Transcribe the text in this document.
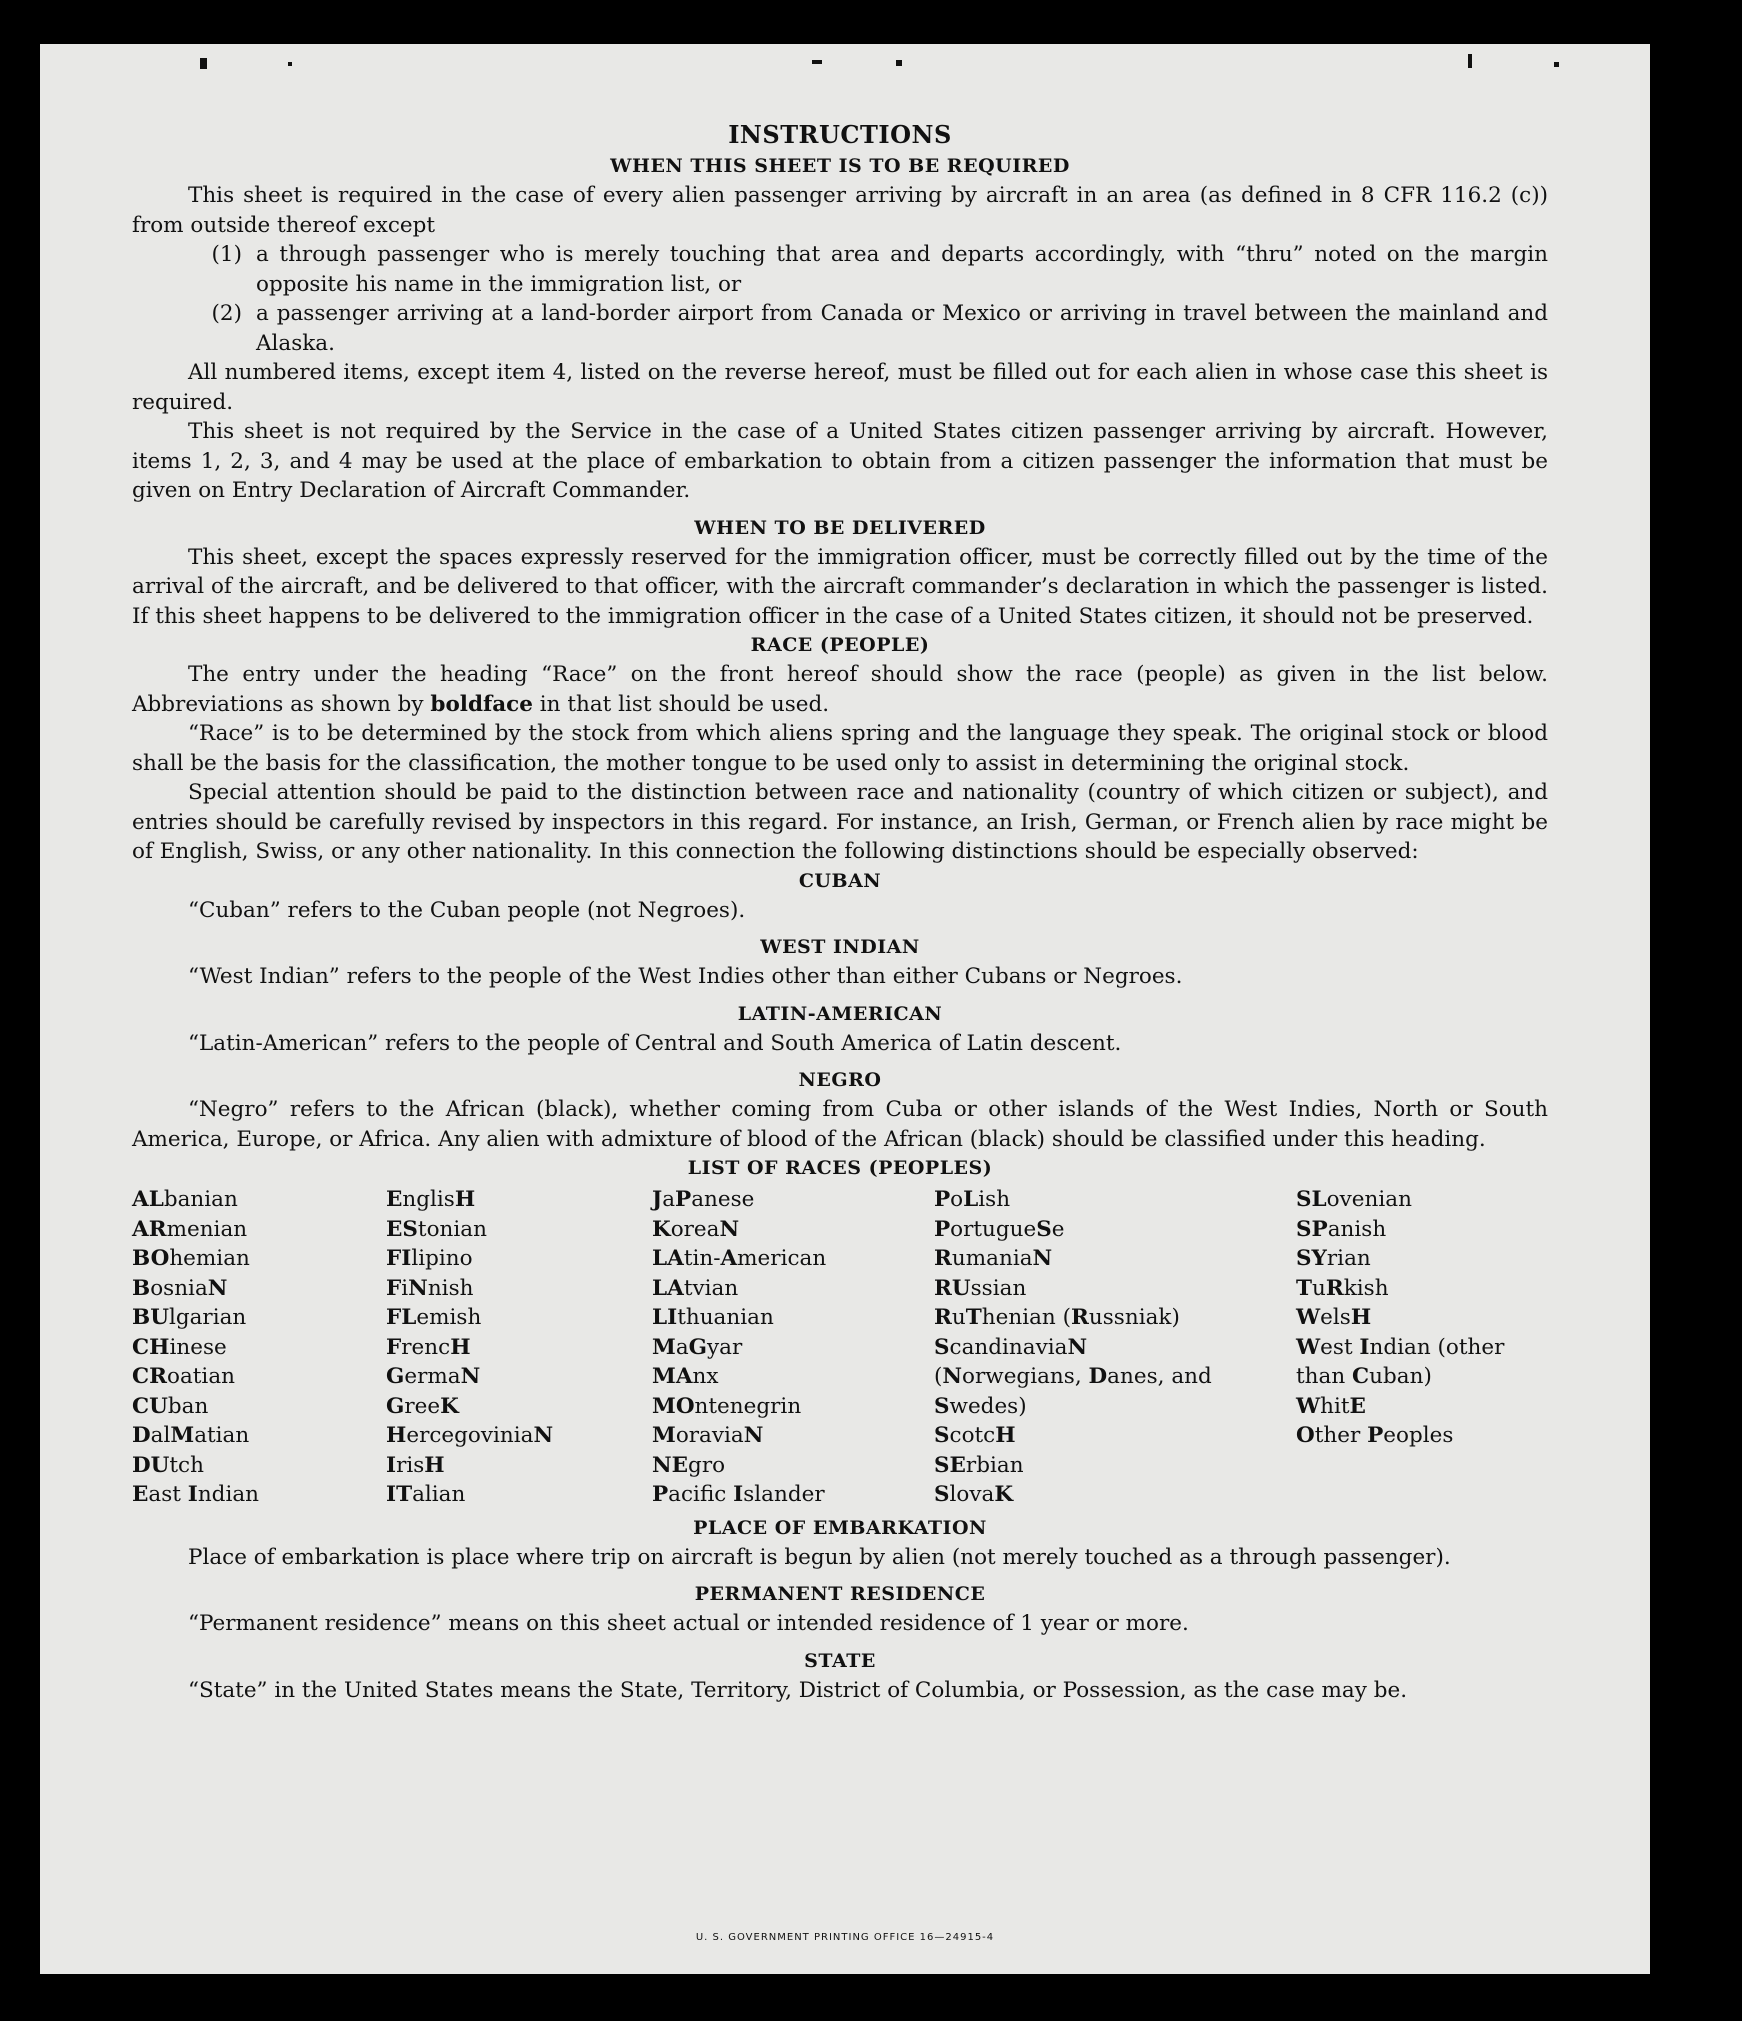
INSTRUCTIONS
WHEN THIS SHEET IS TO BE REQUIRED

This sheet is required in the case of every alien passenger arriving by aircraft in an area (as defined in 8 CFR 116.2 (c)) from outside thereof except

(1) a through passenger who is merely touching that area and departs accordingly, with “thru” noted on the margin opposite his name in the immigration list, or
(2) a passenger arriving at a land-border airport from Canada or Mexico or arriving in travel between the mainland and Alaska.

All numbered items, except item 4, listed on the reverse hereof, must be filled out for each alien in whose case this sheet is required.

This sheet is not required by the Service in the case of a United States citizen passenger arriving by aircraft. However, items 1, 2, 3, and 4 may be used at the place of embarkation to obtain from a citizen passenger the information that must be given on Entry Declaration of Aircraft Commander.

WHEN TO BE DELIVERED

This sheet, except the spaces expressly reserved for the immigration officer, must be correctly filled out by the time of the arrival of the aircraft, and be delivered to that officer, with the aircraft commander’s declaration in which the passenger is listed. If this sheet happens to be delivered to the immigration officer in the case of a United States citizen, it should not be preserved.

RACE (PEOPLE)

The entry under the heading “Race” on the front hereof should show the race (people) as given in the list below. Abbreviations as shown by boldface in that list should be used.

“Race” is to be determined by the stock from which aliens spring and the language they speak. The original stock or blood shall be the basis for the classification, the mother tongue to be used only to assist in determining the original stock.

Special attention should be paid to the distinction between race and nationality (country of which citizen or subject), and entries should be carefully revised by inspectors in this regard. For instance, an Irish, German, or French alien by race might be of English, Swiss, or any other nationality. In this connection the following distinctions should be especially observed:

CUBAN

“Cuban” refers to the Cuban people (not Negroes).

WEST INDIAN

“West Indian” refers to the people of the West Indies other than either Cubans or Negroes.

LATIN-AMERICAN

“Latin-American” refers to the people of Central and South America of Latin descent.

NEGRO

“Negro” refers to the African (black), whether coming from Cuba or other islands of the West Indies, North or South America, Europe, or Africa. Any alien with admixture of blood of the African (black) should be classified under this heading.

LIST OF RACES (PEOPLES)
ALbanian
ARmenian
BOhemian
BosniaN
BUlgarian
CHinese
CRoatian
CUban
DalMatian
DUtch
East Indian
EnglisH
EStonian
FIlipino
FiNnish
FLemish
FrencH
GermaN
GreeK
HercegoviniaN
IrisH
ITalian
JaPanese
KoreaN
LAtin-American
LAtvian
LIthuanian
MaGyar
MAnx
MOntenegrin
MoraviaN
NEgro
Pacifc Islander
PoLish
PortugueSe
RumaniaN
RUssian
RuThenian (Russniak)
ScandinaviaN (Norwegians, Danes, and Swedes)
ScotcH
SErbian
SlovaK
SLovenian
SPanish
SYrian
TuRkish
WelsH
West Indian (other than Cuban)
WhitE
Other Peoples
PLACE OF EMBARKATION

Place of embarkation is place where trip on aircraft is begun by alien (not merely touched as a through passenger).

PERMANENT RESIDENCE

“Permanent residence” means on this sheet actual or intended residence of 1 year or more.

STATE

“State” in the United States means the State, Territory, District of Columbia, or Possession, as the case may be.

U. S. GOVERNMENT PRINTING OFFICE 16—24915-4
